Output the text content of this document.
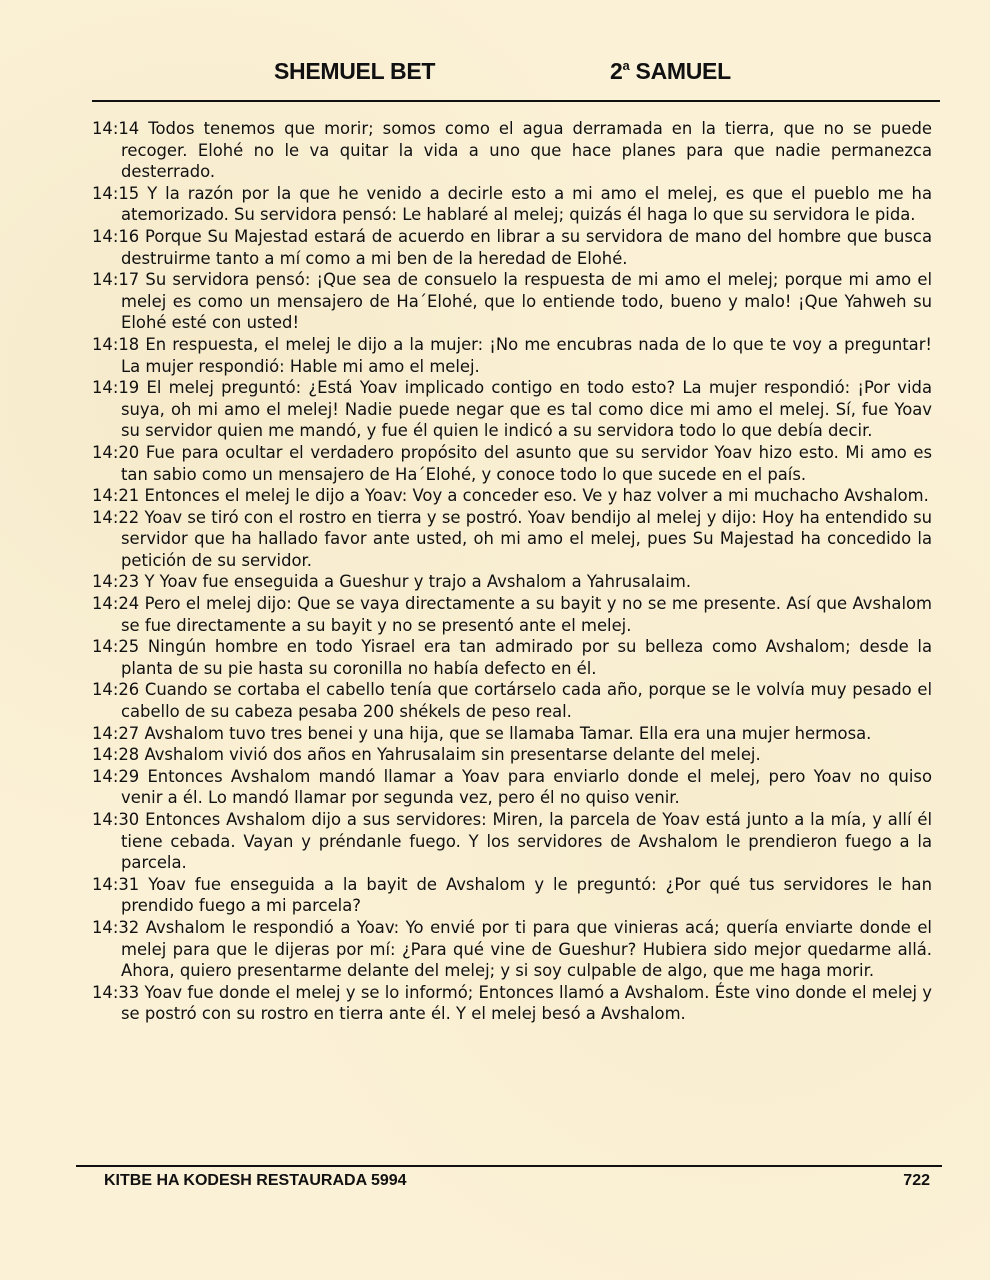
SHEMUEL BET	2$^a$ SAMUEL

14:14 Todos tenemos que morir; somos como el agua derramada en la tierra, que no se puede recoger. Elohé no le va quitar la vida a uno que hace planes para que nadie permanezca desterrado.

14:15 Y la razón por la que he venido a decirle esto a mi amo el melej, es que el pueblo me ha atemorizado. Su servidora pensó: Le hablaré al melej; quizás él haga lo que su servidora le pida.

14:16 Porque Su Majestad estará de acuerdo en librar a su servidora de mano del hombre que busca destruirme tanto a mí como a mi ben de la heredad de Elohé.

14:17 Su servidora pensó: ¡Que sea de consuelo la respuesta de mi amo el melej; porque mi amo el melej es como un mensajero de Ha´Elohé, que lo entiende todo, bueno y malo! ¡Que Yahweh su Elohé esté con usted!

14:18 En respuesta, el melej le dijo a la mujer: ¡No me encubras nada de lo que te voy a preguntar! La mujer respondió: Hable mi amo el melej.

14:19 El melej preguntó: ¿Está Yoav implicado contigo en todo esto? La mujer respondió: ¡Por vida suya, oh mi amo el melej! Nadie puede negar que es tal como dice mi amo el melej. Sí, fue Yoav su servidor quien me mandó, y fue él quien le indicó a su servidora todo lo que debía decir.

14:20 Fue para ocultar el verdadero propósito del asunto que su servidor Yoav hizo esto. Mi amo es tan sabio como un mensajero de Ha´Elohé, y conoce todo lo que sucede en el país.

14:21 Entonces el melej le dijo a Yoav: Voy a conceder eso. Ve y haz volver a mi muchacho Avshalom.

14:22 Yoav se tiró con el rostro en tierra y se postró. Yoav bendijo al melej y dijo: Hoy ha entendido su servidor que ha hallado favor ante usted, oh mi amo el melej, pues Su Majestad ha concedido la petición de su servidor.

14:23 Y Yoav fue enseguida a Gueshur y trajo a Avshalom a Yahrusalaim.

14:24 Pero el melej dijo: Que se vaya directamente a su bayit y no se me presente. Así que Avshalom se fue directamente a su bayit y no se presentó ante el melej.

14:25 Ningún hombre en todo Yisrael era tan admirado por su belleza como Avshalom; desde la planta de su pie hasta su coronilla no había defecto en él.

14:26 Cuando se cortaba el cabello tenía que cortárselo cada año, porque se le volvía muy pesado el cabello de su cabeza pesaba 200 shékels de peso real.

14:27 Avshalom tuvo tres benei y una hija, que se llamaba Tamar. Ella era una mujer hermosa.

14:28 Avshalom vivió dos años en Yahrusalaim sin presentarse delante del melej.

14:29 Entonces Avshalom mandó llamar a Yoav para enviarlo donde el melej, pero Yoav no quiso venir a él. Lo mandó llamar por segunda vez, pero él no quiso venir.

14:30 Entonces Avshalom dijo a sus servidores: Miren, la parcela de Yoav está junto a la mía, y allí él tiene cebada. Vayan y préndanle fuego. Y los servidores de Avshalom le prendieron fuego a la parcela.

14:31 Yoav fue enseguida a la bayit de Avshalom y le preguntó: ¿Por qué tus servidores le han prendido fuego a mi parcela?

14:32 Avshalom le respondió a Yoav: Yo envié por ti para que vinieras acá; quería enviarte donde el melej para que le dijeras por mí: ¿Para qué vine de Gueshur? Hubiera sido mejor quedarme allá. Ahora, quiero presentarme delante del melej; y si soy culpable de algo, que me haga morir.

14:33 Yoav fue donde el melej y se lo informó; Entonces llamó a Avshalom. Éste vino donde el melej y se postró con su rostro en tierra ante él. Y el melej besó a Avshalom.

KITBE HA KODESH RESTAURADA 5994	722
